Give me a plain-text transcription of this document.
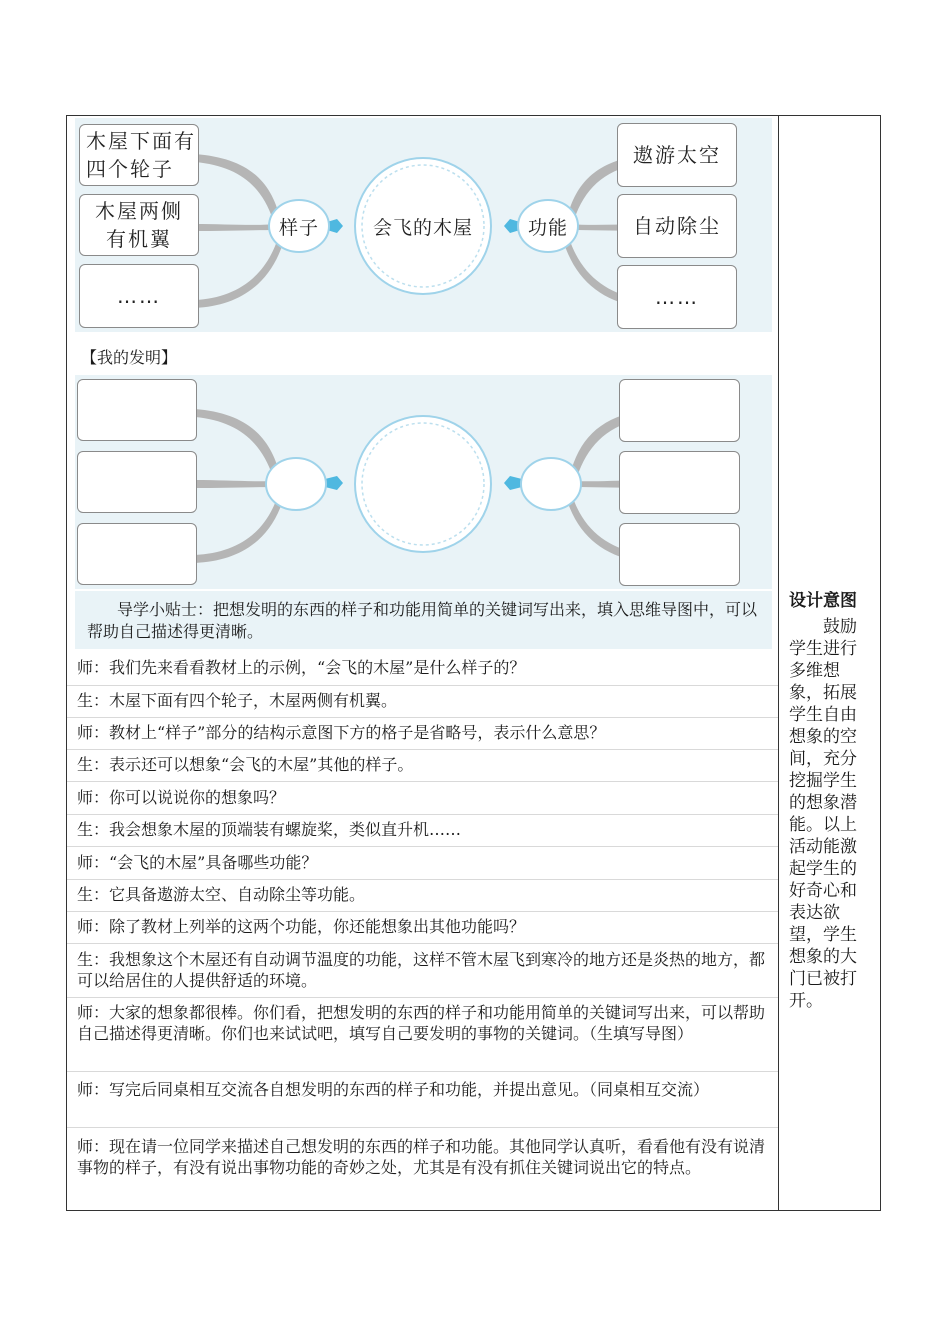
会飞的木屋
样子	功能
木屋下面有四个轮子
木屋两侧有机翼
……
遨游太空
自动除尘
……
【我的发明】
导学小贴士：把想发明的东西的样子和功能用简单的关键词写出来，填入思维导图中，可以帮助自己描述得更清晰。
师：我们先来看看教材上的示例，“会飞的木屋”是什么样子的？
生：木屋下面有四个轮子，木屋两侧有机翼。
师：教材上“样子”部分的结构示意图下方的格子是省略号，表示什么意思？
生：表示还可以想象“会飞的木屋”其他的样子。
师：你可以说说你的想象吗？
生：我会想象木屋的顶端装有螺旋桨，类似直升机……
师：“会飞的木屋”具备哪些功能？
生：它具备遨游太空、自动除尘等功能。
师：除了教材上列举的这两个功能，你还能想象出其他功能吗？
生：我想象这个木屋还有自动调节温度的功能，这样不管木屋飞到寒冷的地方还是炎热的地方，都可以给居住的人提供舒适的环境。
师：大家的想象都很棒。你们看，把想发明的东西的样子和功能用简单的关键词写出来，可以帮助自己描述得更清晰。你们也来试试吧，填写自己要发明的事物的关键词。（生填写导图）
师：写完后同桌相互交流各自想发明的东西的样子和功能，并提出意见。（同桌相互交流）
师：现在请一位同学来描述自己想发明的东西的样子和功能。其他同学认真听，看看他有没有说清事物的样子，有没有说出事物功能的奇妙之处，尤其是有没有抓住关键词说出它的特点。
设计意图
鼓励学生进行多维想象，拓展学生自由想象的空间，充分挖掘学生的想象潜能。以上活动能激起学生的好奇心和表达欲望，学生想象的大门已被打开。
